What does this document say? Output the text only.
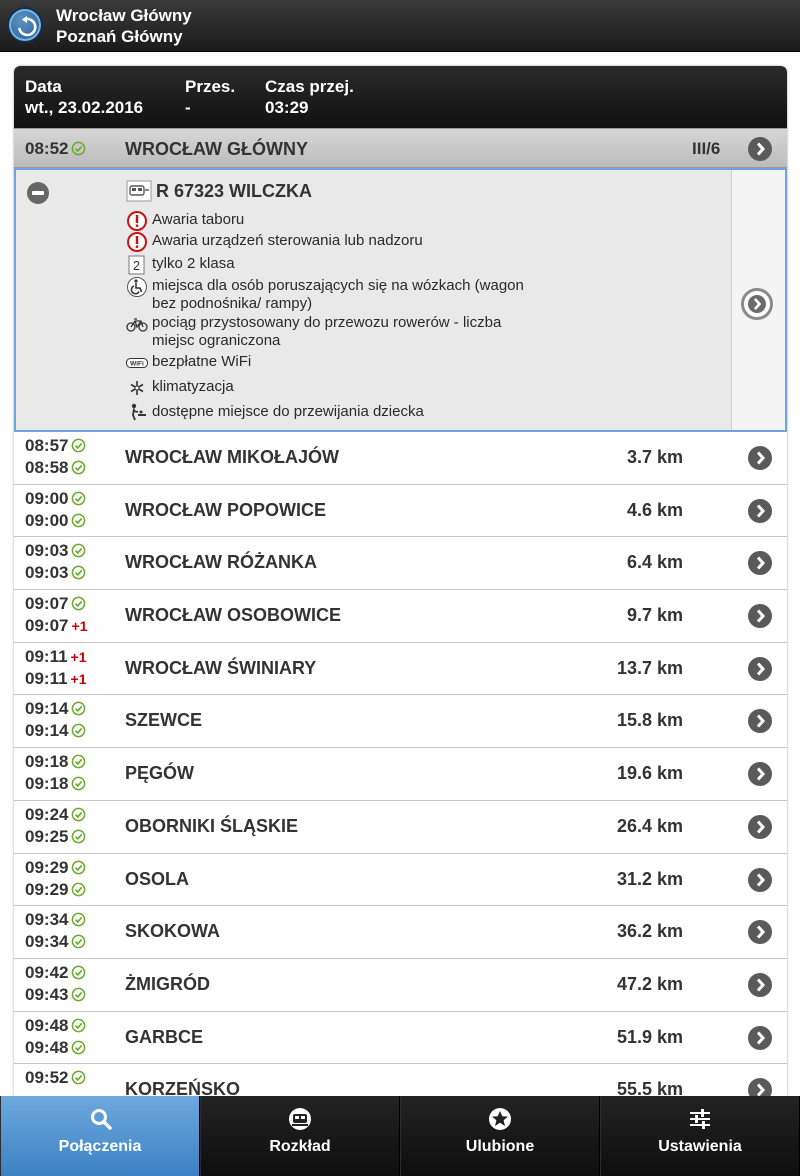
Wrocław Główny
Poznań Główny
Data
wt., 23.02.2016
Przes.
-
Czas przej.
03:29
08:52	WROCŁAW GŁÓWNY	III/6
R 67323 WILCZKA
Awaria taboru
Awaria urządzeń sterowania lub nadzoru
2 tylko 2 klasa
miejsca dla osób poruszających się na wózkach (wagon bez podnośnika/ rampy)
pociąg przystosowany do przewozu rowerów - liczba miejsc ograniczona
WiFi bezpłatne WiFi
klimatyzacja
dostępne miejsce do przewijania dziecka
08:57
08:58
WROCŁAW MIKOŁAJÓW	3.7 km
09:00
09:00
WROCŁAW POPOWICE	4.6 km
09:03
09:03
WROCŁAW RÓŻANKA	6.4 km
09:07
09:07 +1
WROCŁAW OSOBOWICE	9.7 km
09:11 +1
09:11 +1
WROCŁAW ŚWINIARY	13.7 km
09:14
09:14
SZEWCE	15.8 km
09:18
09:18
PĘGÓW	19.6 km
09:24
09:25
OBORNIKI ŚLĄSKIE	26.4 km
09:29
09:29
OSOLA	31.2 km
09:34
09:34
SKOKOWA	36.2 km
09:42
09:43
ŻMIGRÓD	47.2 km
09:48
09:48
GARBCE	51.9 km
09:52
KORZEŃSKO	55.5 km
Połączenia	Rozkład	Ulubione	Ustawienia
